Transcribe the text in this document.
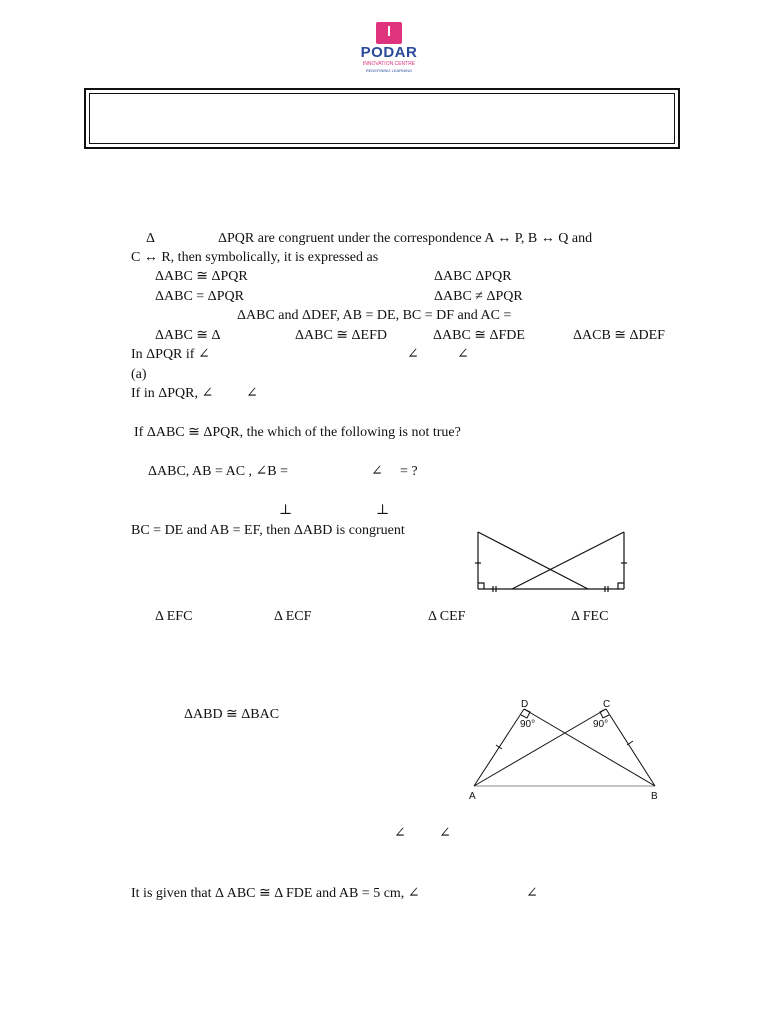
PODAR
INNOVATION CENTRE
REDEFINING LEARNING
Δ	ΔPQR are congruent under the correspondence A ↔ P, B ↔ Q and
C ↔ R, then symbolically, it is expressed as
ΔABC ≅ ΔPQR	ΔABC ΔPQR
ΔABC = ΔPQR	ΔABC ≠ ΔPQR
ΔABC and ΔDEF, AB = DE, BC = DF and AC =
ΔABC ≅ Δ	ΔABC ≅ ΔEFD	ΔABC ≅ ΔFDE	ΔACB ≅ ΔDEF
In ΔPQR if ∠	∠	∠
(a)
If in ΔPQR, ∠ ∠
If ΔABC ≅ ΔPQR, the which of the following is not true?
ΔABC, AB = AC , ∠B =	∠ = ?
⊥	⊥
BC = DE and AB = EF, then ΔABD is congruent
Δ EFC	Δ ECF	Δ CEF	Δ FEC
ΔABD ≅ ΔBAC
D	C
A	B
90°	90°
∠ ∠
It is given that Δ ABC ≅ Δ FDE and AB = 5 cm, ∠	∠
